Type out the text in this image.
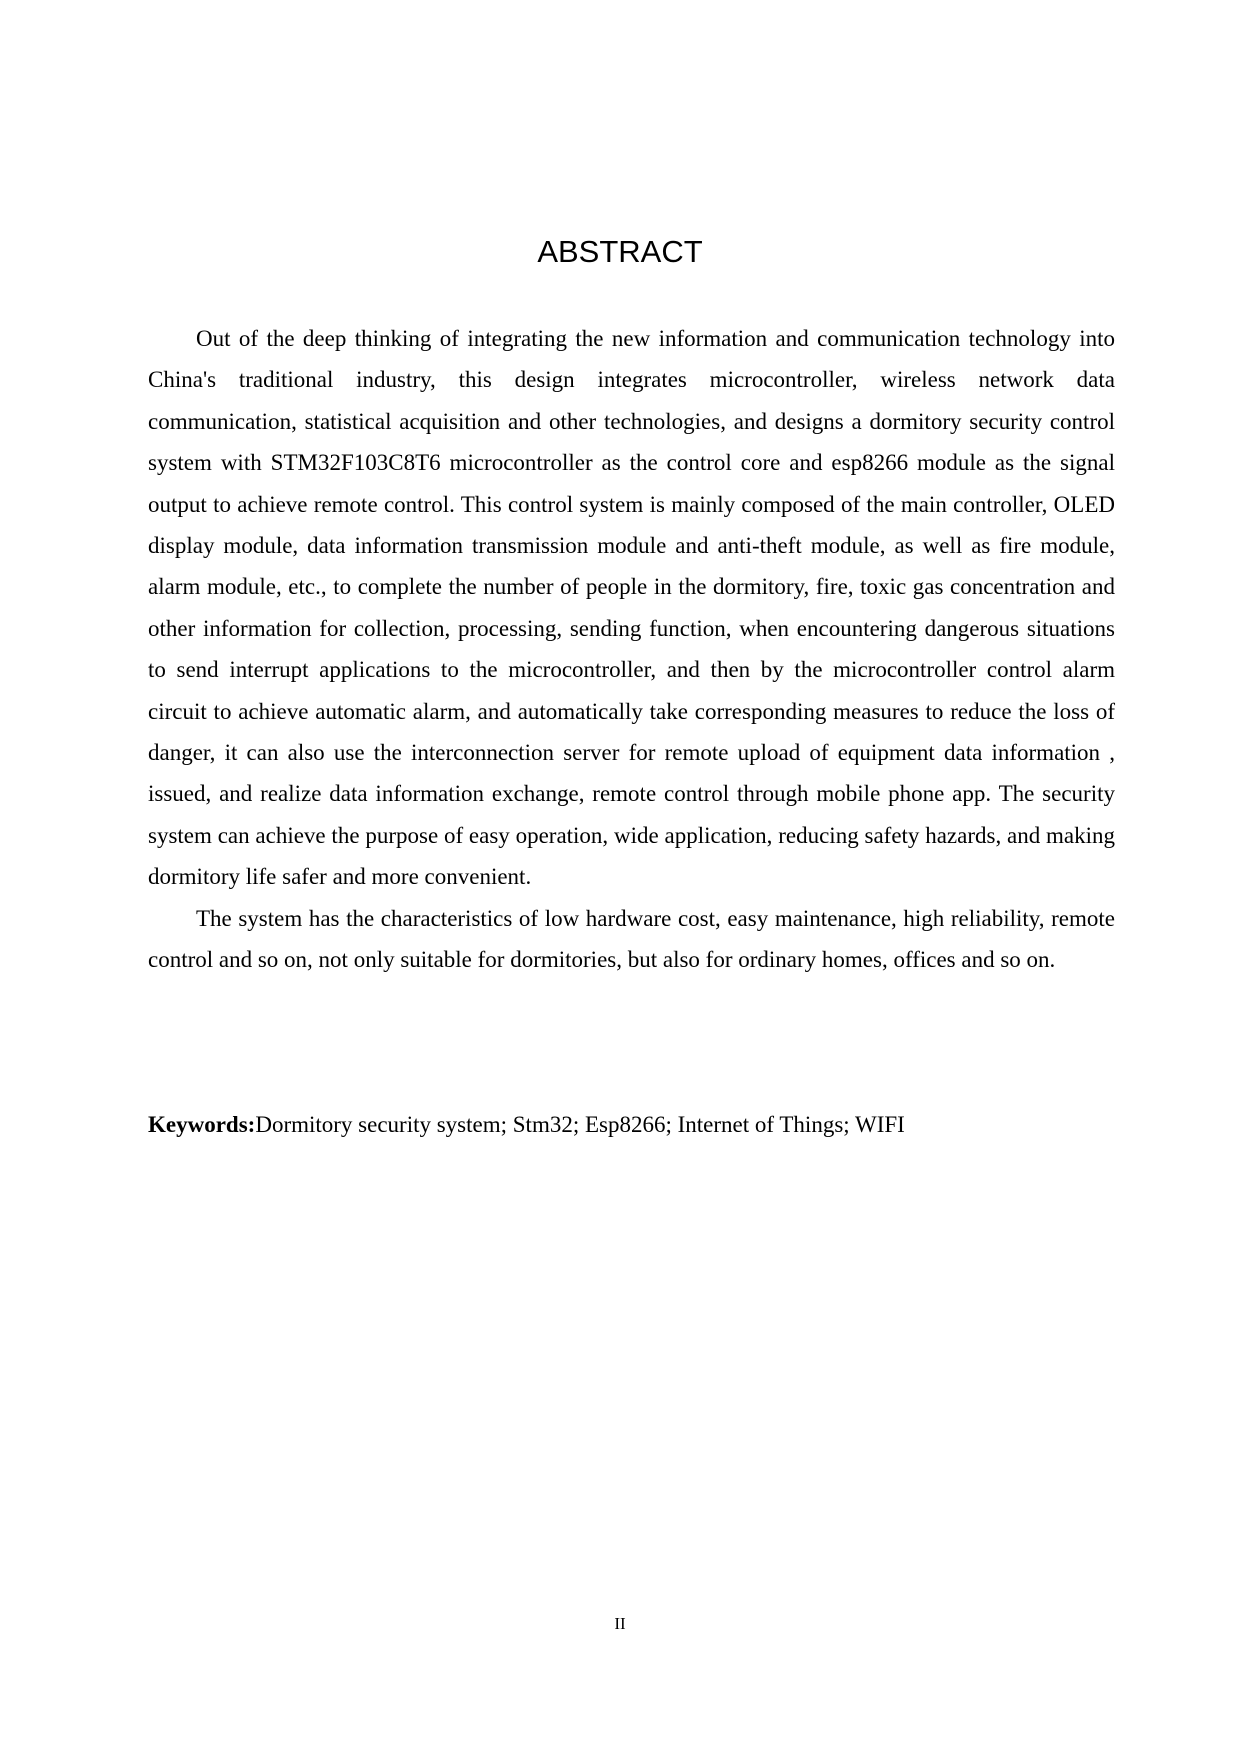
ABSTRACT

Out of the deep thinking of integrating the new information and communication technology into China's traditional industry, this design integrates microcontroller, wireless network data communication, statistical acquisition and other technologies, and designs a dormitory security control system with STM32F103C8T6 microcontroller as the control core and esp8266 module as the signal output to achieve remote control. This control system is mainly composed of the main controller, OLED display module, data information transmission module and anti-theft module, as well as fire module, alarm module, etc., to complete the number of people in the dormitory, fire, toxic gas concentration and other information for collection, processing, sending function, when encountering dangerous situations to send interrupt applications to the microcontroller, and then by the microcontroller control alarm circuit to achieve automatic alarm, and automatically take corresponding measures to reduce the loss of danger, it can also use the interconnection server for remote upload of equipment data information , issued, and realize data information exchange, remote control through mobile phone app. The security system can achieve the purpose of easy operation, wide application, reducing safety hazards, and making dormitory life safer and more convenient.

The system has the characteristics of low hardware cost, easy maintenance, high reliability, remote control and so on, not only suitable for dormitories, but also for ordinary homes, offices and so on.

Keywords:Dormitory security system; Stm32; Esp8266; Internet of Things; WIFI

II
